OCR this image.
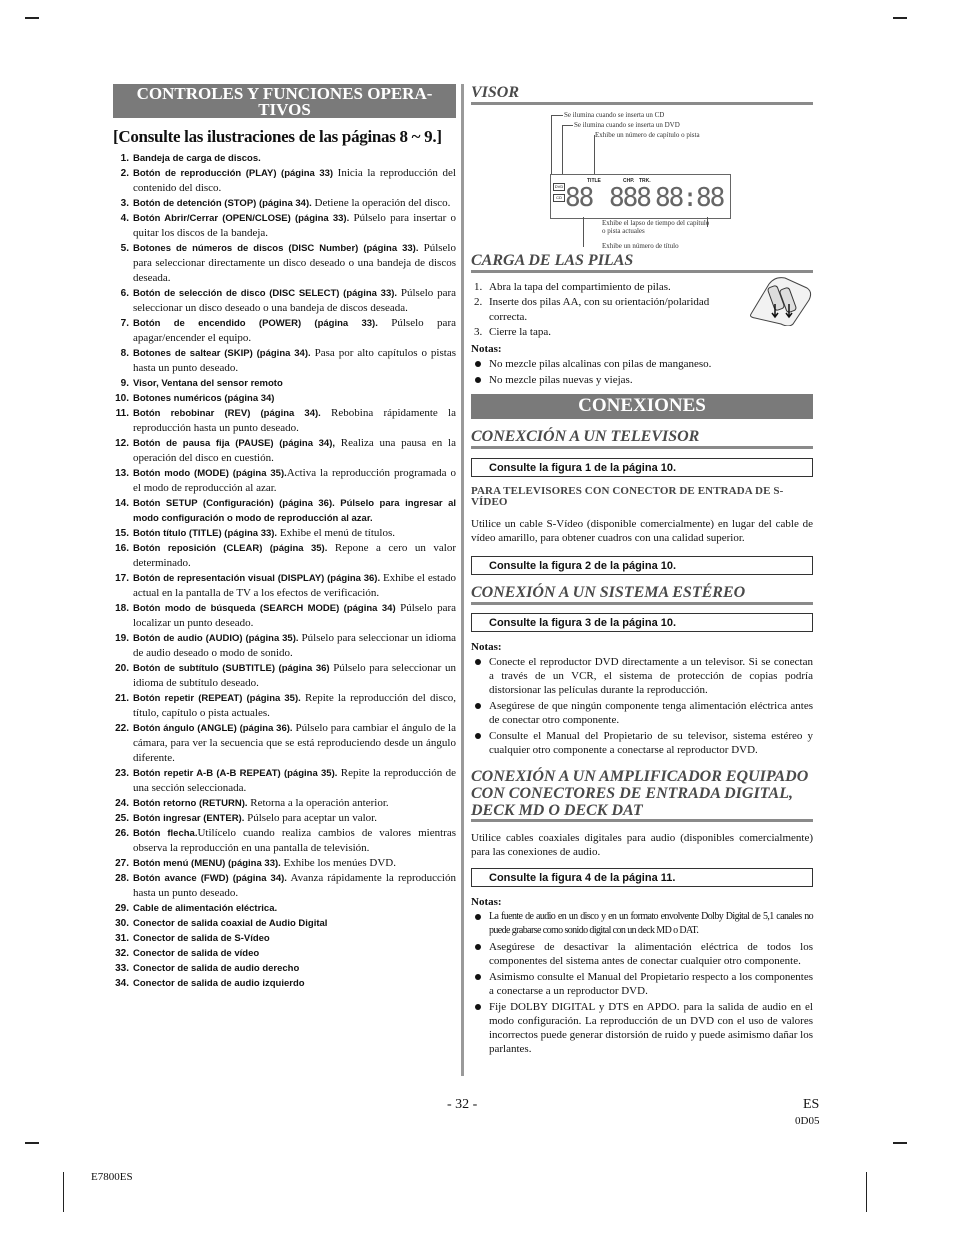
CONTROLES Y FUNCIONES OPERA- TIVOS
[Consulte las ilustraciones de las páginas 8 ~ 9.]
1. Bandeja de carga de discos.
2. Botón de reproducción (PLAY) (página 33) Inicia la reproducción del contenido del disco.
3. Botón de detención (STOP) (página 34). Detiene la operación del disco.
4. Botón Abrir/Cerrar (OPEN/CLOSE) (página 33). Púlselo para insertar o quitar los discos de la bandeja.
5. Botones de números de discos (DISC Number) (página 33). Púlselo para seleccionar directamente un disco deseado o una bandeja de discos deseada.
6. Botón de selección de disco (DISC SELECT) (página 33). Púlselo para seleccionar un disco deseado o una bandeja de discos deseada.
7. Botón de encendido (POWER) (página 33). Púlselo para apagar/encender el equipo.
8. Botones de saltear (SKIP) (página 34). Pasa por alto capítulos o pistas hasta un punto deseado.
9. Visor, Ventana del sensor remoto
10. Botones numéricos (página 34)
11. Botón rebobinar (REV) (página 34). Rebobina rápidamente la reproducción hasta un punto deseado.
12. Botón de pausa fija (PAUSE) (página 34), Realiza una pausa en la operación del disco en cuestión.
13. Botón modo (MODE) (página 35).Activa la reproducción programada o el modo de reproducción al azar.
14. Botón SETUP (Configuración) (página 36). Púlselo para ingresar al modo configuración o modo de reproducción al azar.
15. Botón título (TITLE) (página 33). Exhibe el menú de títulos.
16. Botón reposición (CLEAR) (página 35). Repone a cero un valor determinado.
17. Botón de representación visual (DISPLAY) (página 36). Exhibe el estado actual en la pantalla de TV a los efectos de verificación.
18. Botón modo de búsqueda (SEARCH MODE) (página 34) Púlselo para localizar un punto deseado.
19. Botón de audio (AUDIO) (página 35). Púlselo para seleccionar un idioma de audio deseado o modo de sonido.
20. Botón de subtítulo (SUBTITLE) (página 36) Púlselo para seleccionar un idioma de subtítulo deseado.
21. Botón repetir (REPEAT) (página 35). Repite la reproducción del disco, título, capítulo o pista actuales.
22. Botón ángulo (ANGLE) (página 36). Púlselo para cambiar el ángulo de la cámara, para ver la secuencia que se está reproduciendo desde un ángulo diferente.
23. Botón repetir A-B (A-B REPEAT) (página 35). Repite la reproducción de una sección seleccionada.
24. Botón retorno (RETURN). Retorna a la operación anterior.
25. Botón ingresar (ENTER). Púlselo para aceptar un valor.
26. Botón flecha.Utilícelo cuando realiza cambios de valores mientras observa la reproducción en una pantalla de televisión.
27. Botón menú (MENU) (página 33). Exhibe los menúes DVD.
28. Botón avance (FWD) (página 34). Avanza rápidamente la reproducción hasta un punto deseado.
29. Cable de alimentación eléctrica.
30. Conector de salida coaxial de Audio Digital
31. Conector de salida de S-Vídeo
32. Conector de salida de vídeo
33. Conector de salida de audio derecho
34. Conector de salida de audio izquierdo
VISOR
Se ilumina cuando se inserta un CD
Se ilumina cuando se inserta un DVD
Exhibe un número de capítulo o pista
DVD
CD
TITLE	CHP. TRK.
88 888 88:88
Exhibe el lapso de tiempo del capítulo o pista actuales
Exhibe un número de título
CARGA DE LAS PILAS
1. Abra la tapa del compartimiento de pilas.
2. Inserte dos pilas AA, con su orientación/polaridad correcta.
3. Cierre la tapa.
Notas:
No mezcle pilas alcalinas con pilas de manganeso.
No mezcle pilas nuevas y viejas.
CONEXIONES
CONEXCIÓN A UN TELEVISOR
Consulte la figura 1 de la página 10.
PARA TELEVISORES CON CONECTOR DE ENTRADA DE S-VÍDEO
Utilice un cable S-Vídeo (disponible comercialmente) en lugar del cable de vídeo amarillo, para obtener cuadros con una calidad superior.
Consulte la figura 2 de la página 10.
CONEXIÓN A UN SISTEMA ESTÉREO
Consulte la figura 3 de la página 10.
Notas:
Conecte el reproductor DVD directamente a un televisor. Si se conectan a través de un VCR, el sistema de protección de copias podría distorsionar las películas durante la reproducción.
Asegúrese de que ningún componente tenga alimentación eléctrica antes de conectar otro componente.
Consulte el Manual del Propietario de su televisor, sistema estéreo y cualquier otro componente a conectarse al reproductor DVD.
CONEXIÓN A UN AMPLIFICADOR EQUIPADO CON CONECTORES DE ENTRADA DIGITAL, DECK MD O DECK DAT
Utilice cables coaxiales digitales para audio (disponibles comercialmente) para las conexiones de audio.
Consulte la figura 4 de la página 11.
Notas:
La fuente de audio en un disco y en un formato envolvente Dolby Digital de 5,1 canales no puede grabarse como sonido digital con un deck MD o DAT.
Asegúrese de desactivar la alimentación eléctrica de todos los componentes del sistema antes de conectar cualquier otro componente.
Asimismo consulte el Manual del Propietario respecto a los componentes a conectarse a un reproductor DVD.
Fije DOLBY DIGITAL y DTS en APDO. para la salida de audio en el modo configuración. La reproducción de un DVD con el uso de valores incorrectos puede generar distorsión de ruido y puede asimismo dañar los parlantes.
- 32 -	ES
0D05
E7800ES
